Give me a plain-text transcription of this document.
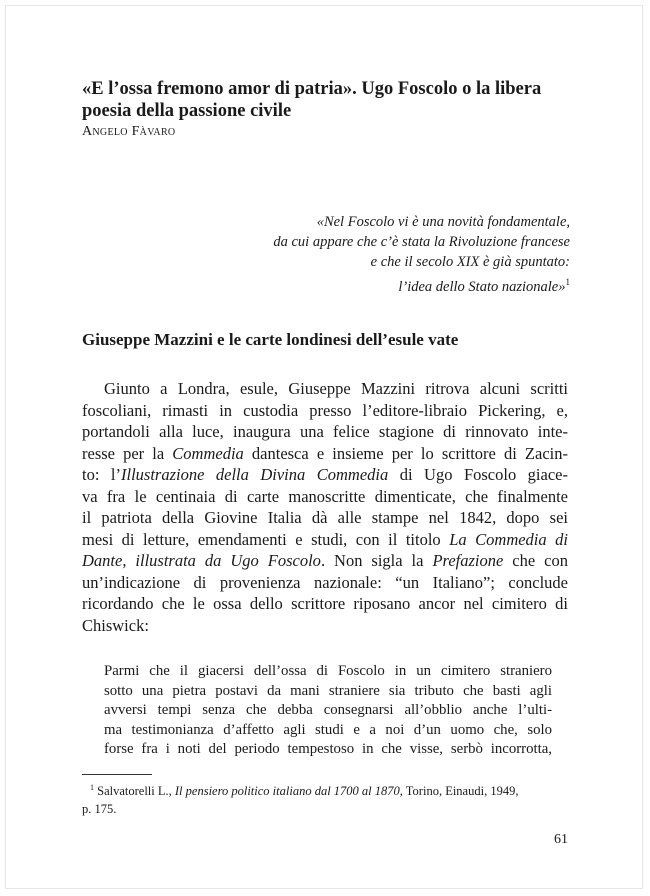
«E l’ossa fremono amor di patria». Ugo Foscolo o la libera poesia della passione civile
Angelo Fàvaro
«Nel Foscolo vi è una novità fondamentale,
da cui appare che c’è stata la Rivoluzione francese
e che il secolo XIX è già spuntato:
l’idea dello Stato nazionale»$^1$
Giuseppe Mazzini e le carte londinesi dell’esule vate
Giunto a Londra, esule, Giuseppe Mazzini ritrova alcuni scritti
foscoliani, rimasti in custodia presso l’editore-libraio Pickering, e,
portandoli alla luce, inaugura una felice stagione di rinnovato inte-
resse per la Commedia dantesca e insieme per lo scrittore di Zacin-
to: l’Illustrazione della Divina Commedia di Ugo Foscolo giace-
va fra le centinaia di carte manoscritte dimenticate, che finalmente
il patriota della Giovine Italia dà alle stampe nel 1842, dopo sei
mesi di letture, emendamenti e studi, con il titolo La Commedia di
Dante, illustrata da Ugo Foscolo. Non sigla la Prefazione che con
un’indicazione di provenienza nazionale: “un Italiano”; conclude
ricordando che le ossa dello scrittore riposano ancor nel cimitero di
Chiswick:
Parmi che il giacersi dell’ossa di Foscolo in un cimitero straniero
sotto una pietra postavi da mani straniere sia tributo che basti agli
avversi tempi senza che debba consegnarsi all’obblio anche l’ulti-
ma testimonianza d’affetto agli studi e a noi d’un uomo che, solo
forse fra i noti del periodo tempestoso in che visse, serbò incorrotta,
$^1$ Salvatorelli L., Il pensiero politico italiano dal 1700 al 1870, Torino, Einaudi, 1949,
p. 175.
61
